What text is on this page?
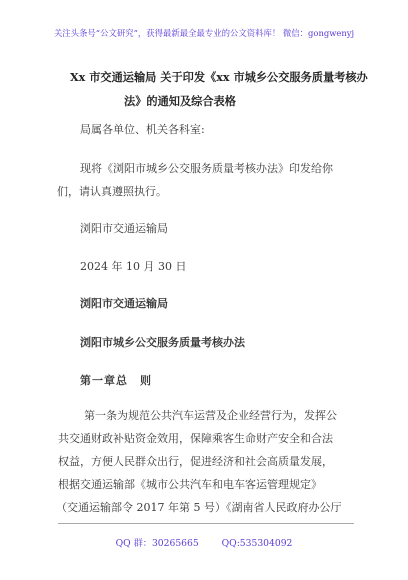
关注头条号“公文研究”，获得最新最全最专业的公文资料库！ 微信：gongwenyj
Xx 市交通运输局 关于印发《xx 市城乡公交服务质量考核办
法》的通知及综合表格
局属各单位、机关各科室:
现将《浏阳市城乡公交服务质量考核办法》印发给你
们，请认真遵照执行。
浏阳市交通运输局
2024 年 10 月 30 日
浏阳市交通运输局
浏阳市城乡公交服务质量考核办法
第一章总　则
第一条为规范公共汽车运营及企业经营行为，发挥公
共交通财政补贴资金效用，保障乘客生命财产安全和合法
权益，方便人民群众出行，促进经济和社会高质量发展，
根据交通运输部《城市公共汽车和电车客运管理规定》
（交通运输部令 2017 年第 5 号）《湖南省人民政府办公厅
QQ 群：30265665 QQ:535304092
